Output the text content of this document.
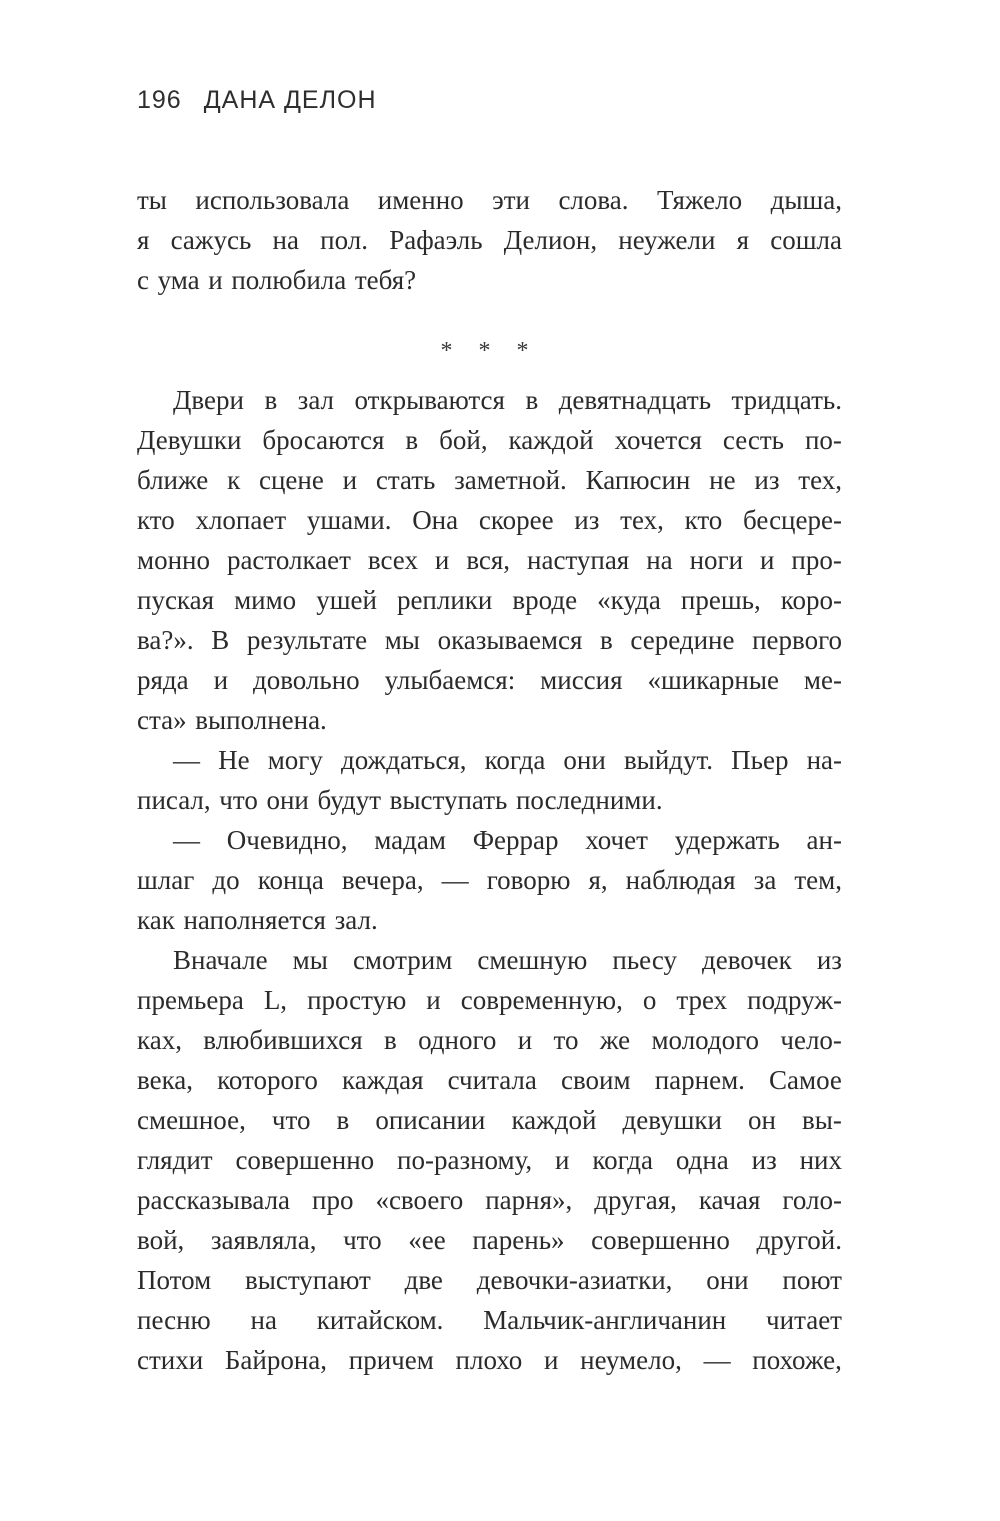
196 ДАНА ДЕЛОН
ты использовала именно эти слова. Тяжело дыша,
я сажусь на пол. Рафаэль Делион, неужели я сошла
с ума и полюбила тебя?
* * *
Двери в зал открываются в девятнадцать тридцать.
Девушки бросаются в бой, каждой хочется сесть по-
ближе к сцене и стать заметной. Капюсин не из тех,
кто хлопает ушами. Она скорее из тех, кто бесцере-
монно растолкает всех и вся, наступая на ноги и про-
пуская мимо ушей реплики вроде «куда прешь, коро-
ва?». В результате мы оказываемся в середине первого
ряда и довольно улыбаемся: миссия «шикарные ме-
ста» выполнена.
— Не могу дождаться, когда они выйдут. Пьер на-
писал, что они будут выступать последними.
— Очевидно, мадам Феррар хочет удержать ан-
шлаг до конца вечера, — говорю я, наблюдая за тем,
как наполняется зал.
Вначале мы смотрим смешную пьесу девочек из
премьера L, простую и современную, о трех подруж-
ках, влюбившихся в одного и то же молодого чело-
века, которого каждая считала своим парнем. Самое
смешное, что в описании каждой девушки он вы-
глядит совершенно по-разному, и когда одна из них
рассказывала про «своего парня», другая, качая голо-
вой, заявляла, что «ее парень» совершенно другой.
Потом выступают две девочки-азиатки, они поют
песню на китайском. Мальчик-англичанин читает
стихи Байрона, причем плохо и неумело, — похоже,
